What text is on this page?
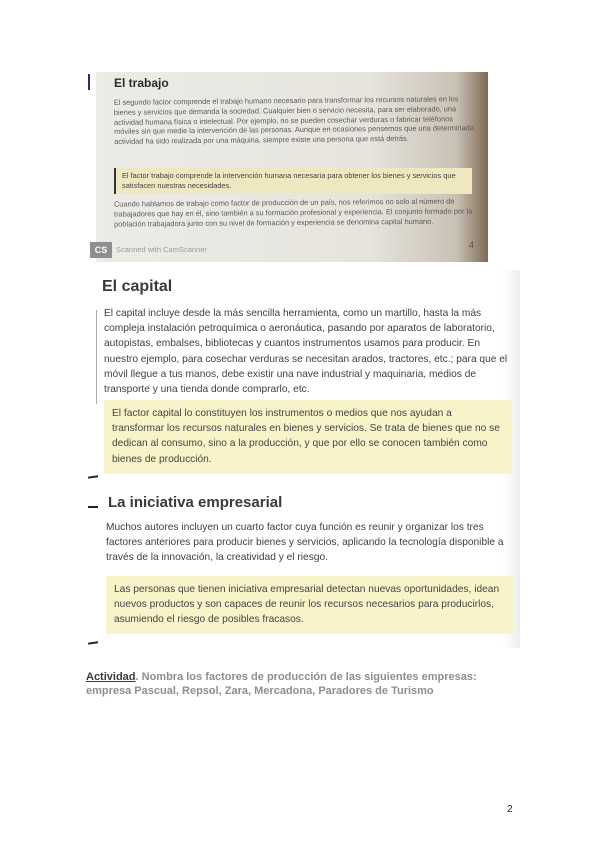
El trabajo

El segundo factor comprende el trabajo humano necesario para transformar los recursos naturales en los bienes y servicios que demanda la sociedad. Cualquier bien o servicio necesita, para ser elaborado, una actividad humana física o intelectual. Por ejemplo, no se pueden cosechar verduras o fabricar teléfonos móviles sin que medie la intervención de las personas. Aunque en ocasiones pensemos que una determinada actividad ha sido realizada por una máquina, siempre existe una persona que está detrás.

El factor trabajo comprende la intervención humana necesaria para obtener los bienes y servicios que satisfacen nuestras necesidades.

Cuando hablamos de trabajo como factor de producción de un país, nos referimos no solo al número de trabajadores que hay en él, sino también a su formación profesional y experiencia. El conjunto formado por la población trabajadora junto con su nivel de formación y experiencia se denomina capital humano.

CS	Scanned with CamScanner	4
El capital

El capital incluye desde la más sencilla herramienta, como un martillo, hasta la más compleja instalación petroquímica o aeronáutica, pasando por aparatos de laboratorio, autopistas, embalses, bibliotecas y cuantos instrumentos usamos para producir. En nuestro ejemplo, para cosechar verduras se necesitan arados, tractores, etc.; para que el móvil llegue a tus manos, debe existir una nave industrial y maquinaria, medios de transporte y una tienda donde comprarlo, etc.

El factor capital lo constituyen los instrumentos o medios que nos ayudan a transformar los recursos naturales en bienes y servicios. Se trata de bienes que no se dedican al consumo, sino a la producción, y que por ello se conocen también como bienes de producción.

La iniciativa empresarial

Muchos autores incluyen un cuarto factor cuya función es reunir y organizar los tres factores anteriores para producir bienes y servicios, aplicando la tecnología disponible a través de la innovación, la creatividad y el riesgo.

Las personas que tienen iniciativa empresarial detectan nuevas oportunidades, idean nuevos productos y son capaces de reunir los recursos necesarios para producirlos, asumiendo el riesgo de posibles fracasos.

Actividad. Nombra los factores de producción de las siguientes empresas: empresa Pascual, Repsol, Zara, Mercadona, Paradores de Turismo

2
